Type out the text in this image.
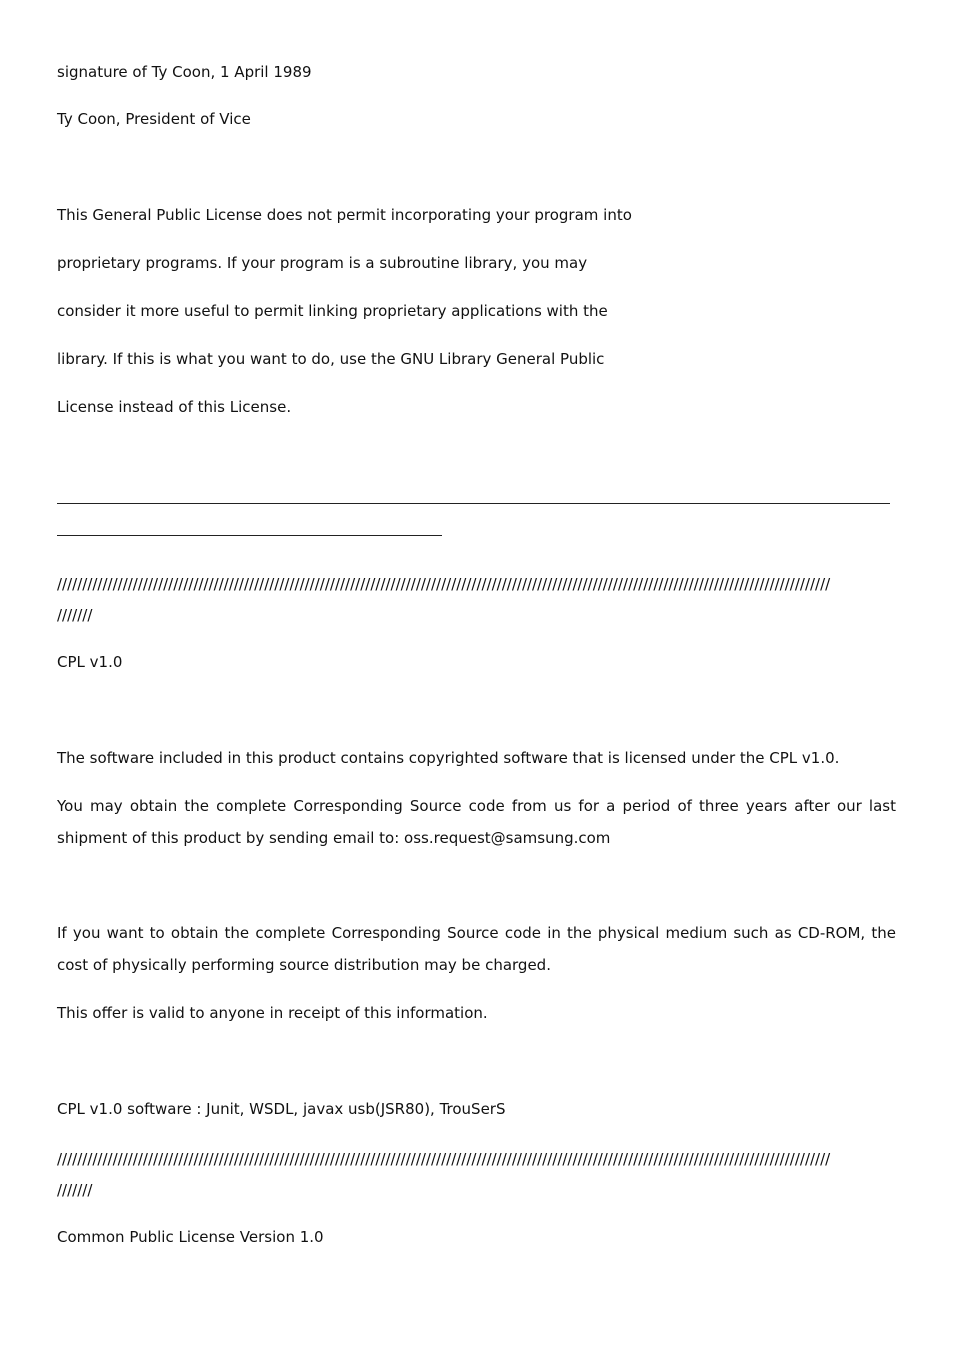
signature of Ty Coon, 1 April 1989
Ty Coon, President of Vice
This General Public License does not permit incorporating your program into
proprietary programs. If your program is a subroutine library, you may
consider it more useful to permit linking proprietary applications with the
library. If this is what you want to do, use the GNU Library General Public
License instead of this License.
/////////////////////////////////////////////////////////////////////////////////////////////////////////////////////////////////////////////////////////
///////
CPL v1.0
The software included in this product contains copyrighted software that is licensed under the CPL v1.0.
You may obtain the complete Corresponding Source code from us for a period of three years after our last shipment of this product by sending email to: oss.request@samsung.com
If you want to obtain the complete Corresponding Source code in the physical medium such as CD-ROM, the cost of physically performing source distribution may be charged.
This offer is valid to anyone in receipt of this information.
CPL v1.0 software : Junit, WSDL, javax usb(JSR80), TrouSerS
/////////////////////////////////////////////////////////////////////////////////////////////////////////////////////////////////////////////////////////
///////
Common Public License Version 1.0
